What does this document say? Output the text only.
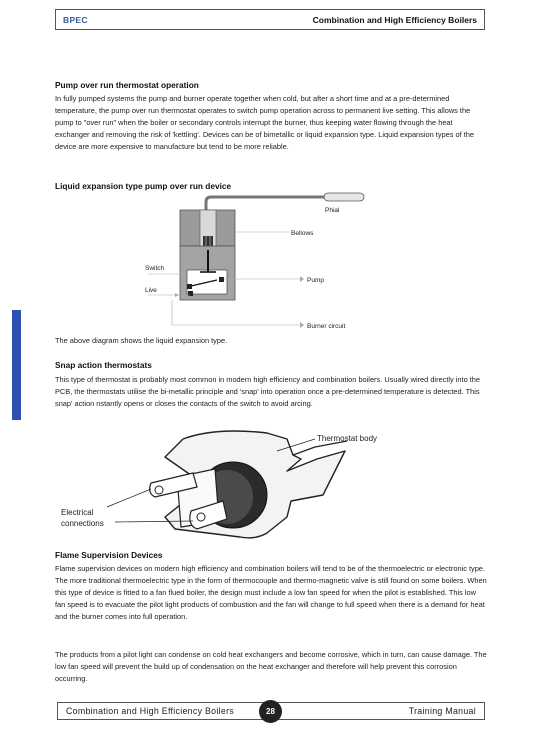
BPEC	Combination and High Efficiency Boilers
Pump over run thermostat operation

In fully pumped systems the pump and burner operate together when cold, but after a short time and at a pre-determined temperature, the pump over run thermostat operates to switch pump operation across to permanent live setting. This allows the pump to "over run" when the boiler or secondary controls interrupt the burner, thus keeping water flowing through the heat exchanger and removing the risk of 'kettling'. Devices can be of bimetallic or liquid expansion type. Liquid expansion types of the device are more expensive to manufacture but tend to be more reliable.

Liquid expansion type pump over run device
Phial
Bellows
Switch
Live
Pump
Burner circuit

The above diagram shows the liquid expansion type.

Snap action thermostats

This type of thermostat is probably most common in modern high efficiency and combination boilers. Usually wired directly into the PCB, the thermostats utilise the bi-metallic principle and 'snap' into operation once a pre-determined temperature is detected. This snap' action nstantly opens or closes the contacts of the switch to avoid arcing.

Thermostat body
Electrical
connections
Flame Supervision Devices

Flame supervision devices on modern high efficiency and combination boilers will tend to be of the thermoelectric or electronic type. The more traditional thermoelectric type in the form of thermocouple and thermo-magnetic valve is still found on some boilers. When this type of device is fitted to a fan flued boiler, the design must include a low fan speed for when the pilot is established. This low fan speed is to evacuate the pilot light products of combustion and the fan will change to full speed when there is a demand for heat and the burner comes into full operation.

The products from a pilot light can condense on cold heat exchangers and become corrosive, which in turn, can cause damage. The low fan speed will prevent the build up of condensation on the heat exchanger and therefore will help prevent this corrosion occurring.

Combination and High Efficiency Boilers	Training Manual
28
